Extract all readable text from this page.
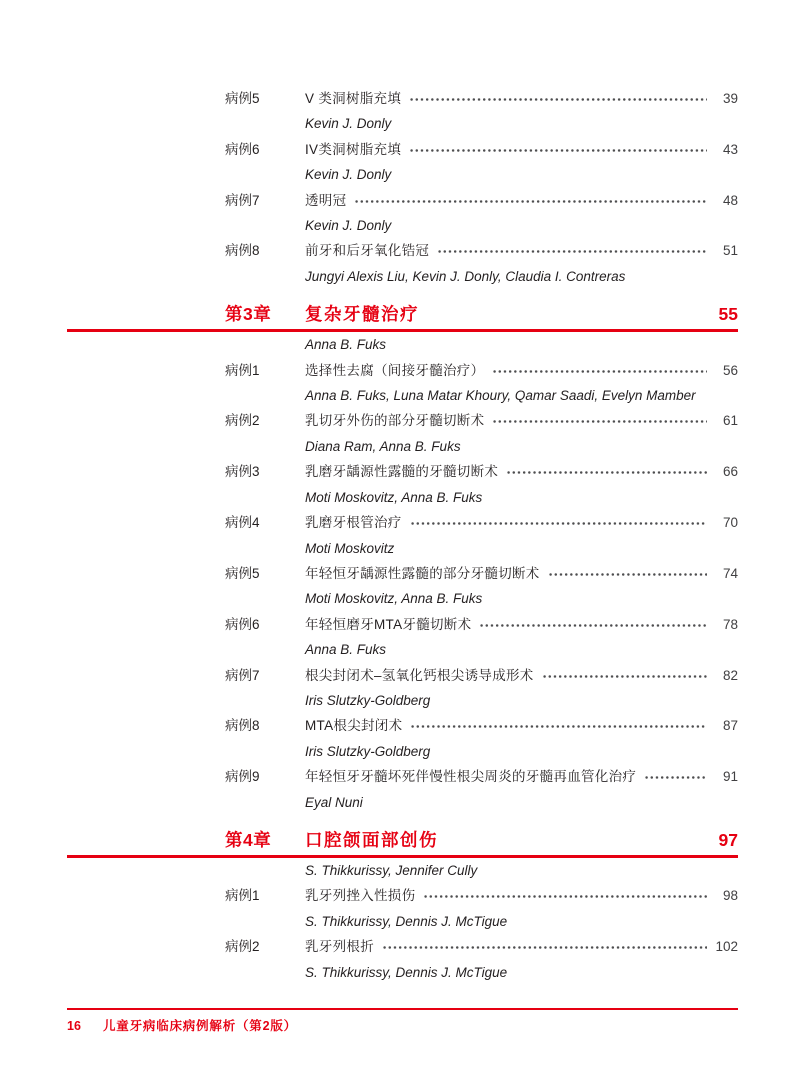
病例5	V 类洞树脂充填	39
Kevin J. Donly
病例6	IV类洞树脂充填	43
Kevin J. Donly
病例7	透明冠	48
Kevin J. Donly
病例8	前牙和后牙氧化锆冠	51
Jungyi Alexis Liu, Kevin J. Donly, Claudia I. Contreras
第3章	复杂牙髓治疗	55
Anna B. Fuks
病例1	选择性去腐（间接牙髓治疗）	56
Anna B. Fuks, Luna Matar Khoury, Qamar Saadi, Evelyn Mamber
病例2	乳切牙外伤的部分牙髓切断术	61
Diana Ram, Anna B. Fuks
病例3	乳磨牙龋源性露髓的牙髓切断术	66
Moti Moskovitz, Anna B. Fuks
病例4	乳磨牙根管治疗	70
Moti Moskovitz
病例5	年轻恒牙龋源性露髓的部分牙髓切断术	74
Moti Moskovitz, Anna B. Fuks
病例6	年轻恒磨牙MTA牙髓切断术	78
Anna B. Fuks
病例7	根尖封闭术–氢氧化钙根尖诱导成形术	82
Iris Slutzky-Goldberg
病例8	MTA根尖封闭术	87
Iris Slutzky-Goldberg
病例9	年轻恒牙牙髓坏死伴慢性根尖周炎的牙髓再血管化治疗	91
Eyal Nuni
第4章	口腔颌面部创伤	97
S. Thikkurissy, Jennifer Cully
病例1	乳牙列挫入性损伤	98
S. Thikkurissy, Dennis J. McTigue
病例2	乳牙列根折	102
S. Thikkurissy, Dennis J. McTigue
16	儿童牙病临床病例解析（第2版）
